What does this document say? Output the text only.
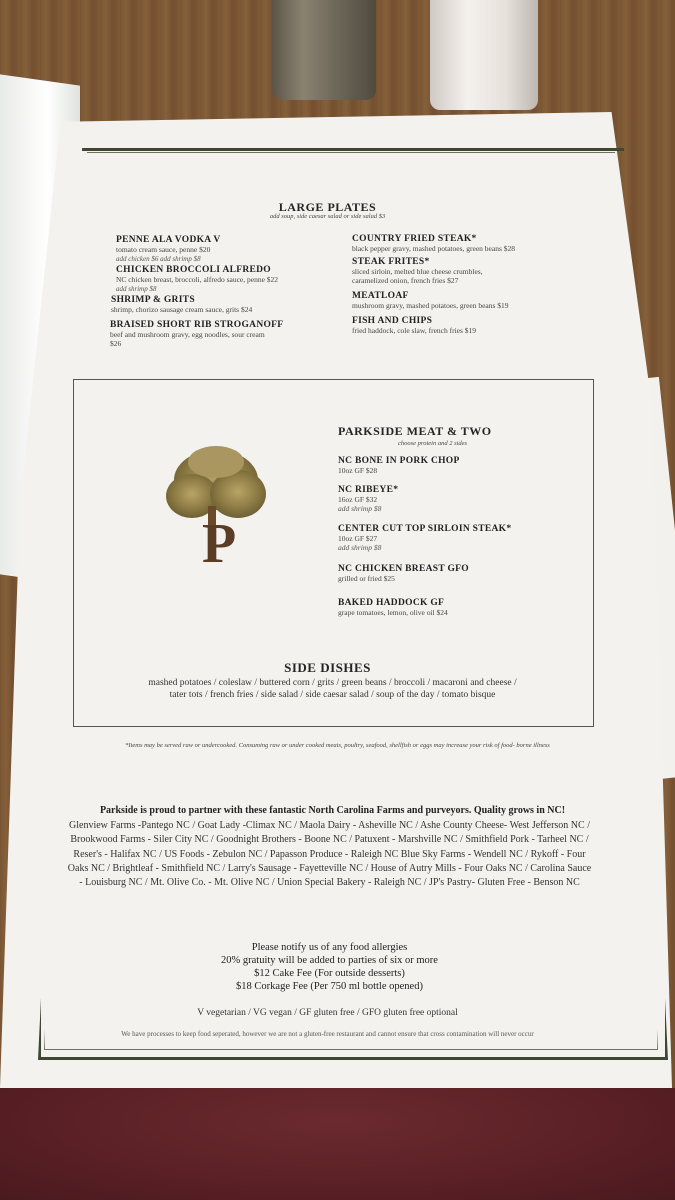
LARGE PLATES
add soup, side caesar salad or side salad $3
PENNE ALA VODKA V
tomato cream sauce, penne $20
add chicken $6 add shrimp $8
CHICKEN BROCCOLI ALFREDO
NC chicken breast, broccoli, alfredo sauce, penne $22
add shrimp $8
SHRIMP & GRITS
shrimp, chorizo sausage cream sauce, grits $24
BRAISED SHORT RIB STROGANOFF
beef and mushroom gravy, egg noodles, sour cream
$26
COUNTRY FRIED STEAK*
black pepper gravy, mashed potatoes, green beans $28
STEAK FRITES*
sliced sirloin, melted blue cheese crumbles,
caramelized onion, french fries $27
MEATLOAF
mushroom gravy, mashed potatoes, green beans $19
FISH AND CHIPS
fried haddock, cole slaw, french fries $19
P
PARKSIDE MEAT & TWO
choose protein and 2 sides
NC BONE IN PORK CHOP
10oz GF $28
NC RIBEYE*
16oz GF $32
add shrimp $8
CENTER CUT TOP SIRLOIN STEAK*
10oz GF $27
add shrimp $8
NC CHICKEN BREAST GFO
grilled or fried $25
BAKED HADDOCK GF
grape tomatoes, lemon, olive oil $24
SIDE DISHES
mashed potatoes / coleslaw / buttered corn / grits / green beans / broccoli / macaroni and cheese /
tater tots / french fries / side salad / side caesar salad / soup of the day / tomato bisque
*Items may be served raw or undercooked. Consuming raw or under cooked meats, poultry, seafood, shellfish or eggs may increase your risk of food- borne illness
Parkside is proud to partner with these fantastic North Carolina Farms and purveyors. Quality grows in NC!
Glenview Farms -Pantego NC / Goat Lady -Climax NC / Maola Dairy - Asheville NC / Ashe County Cheese- West Jefferson NC /
Brookwood Farms - Siler City NC / Goodnight Brothers - Boone NC / Patuxent - Marshville NC / Smithfield Pork - Tarheel NC /
Reser's - Halifax NC / US Foods - Zebulon NC / Papasson Produce - Raleigh NC Blue Sky Farms - Wendell NC / Rykoff - Four
Oaks NC / Brightleaf - Smithfield NC / Larry's Sausage - Fayetteville NC / House of Autry Mills - Four Oaks NC / Carolina Sauce
- Louisburg NC / Mt. Olive Co. - Mt. Olive NC / Union Special Bakery - Raleigh NC / JP's Pastry- Gluten Free - Benson NC
Please notify us of any food allergies
20% gratuity will be added to parties of six or more
$12 Cake Fee (For outside desserts)
$18 Corkage Fee (Per 750 ml bottle opened)
V vegetarian / VG vegan / GF gluten free / GFO gluten free optional
We have processes to keep food seperated, however we are not a gluten-free restaurant and cannot ensure that cross contamination will never occur
